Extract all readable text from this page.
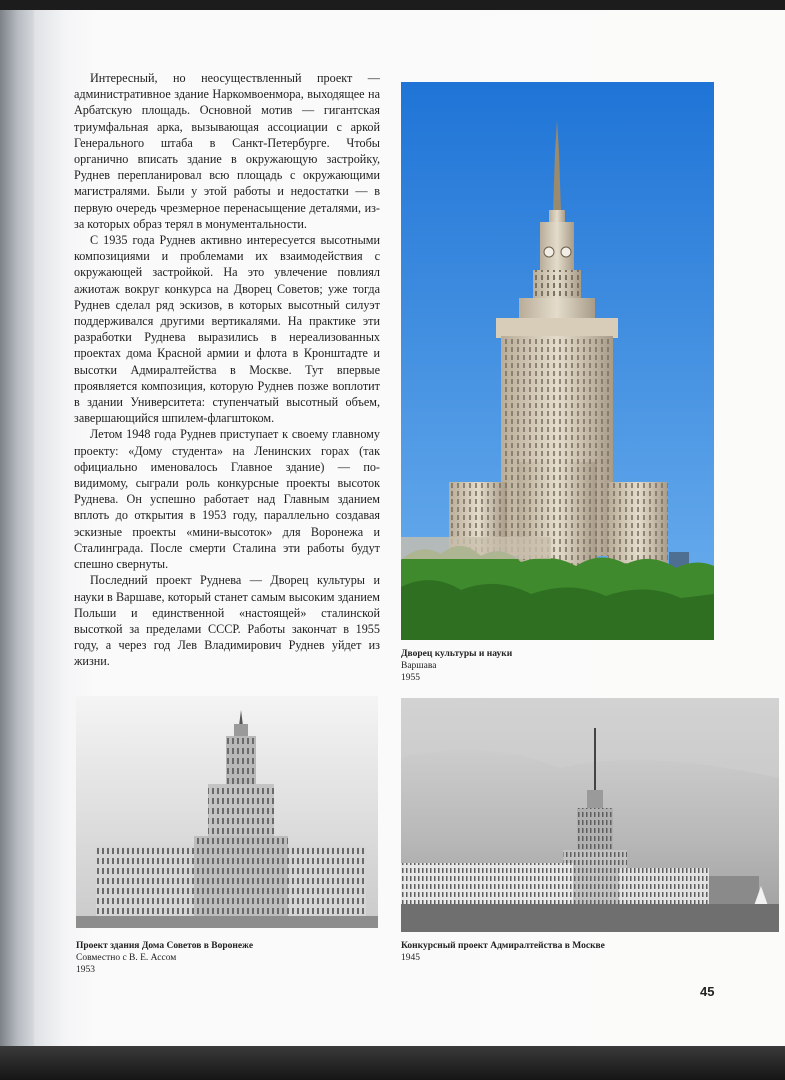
Интересный, но неосуществленный проект — административное здание Наркомвоенмора, выходящее на Арбатскую площадь. Основной мотив — гигантская триумфальная арка, вызывающая ассоциации с аркой Генерального штаба в Санкт-Петербурге. Чтобы органично вписать здание в окружающую застройку, Руднев перепланировал всю площадь с окружающими магистралями. Были у этой работы и недостатки — в первую очередь чрезмерное перенасыщение деталями, из-за которых образ терял в монументальности.

С 1935 года Руднев активно интересуется высотными композициями и проблемами их взаимодействия с окружающей застройкой. На это увлечение повлиял ажиотаж вокруг конкурса на Дворец Советов; уже тогда Руднев сделал ряд эскизов, в которых высотный силуэт поддерживался другими вертикалями. На практике эти разработки Руднева выразились в нереализованных проектах дома Красной армии и флота в Кронштадте и высотки Адмиралтейства в Москве. Тут впервые проявляется композиция, которую Руднев позже воплотит в здании Университета: ступенчатый высотный объем, завершающийся шпилем-флагштоком.

Летом 1948 года Руднев приступает к своему главному проекту: «Дому студента» на Ленинских горах (так официально именовалось Главное здание) — по-видимому, сыграли роль конкурсные проекты высоток Руднева. Он успешно работает над Главным зданием вплоть до открытия в 1953 году, параллельно создавая эскизные проекты «мини-высоток» для Воронежа и Сталинграда. После смерти Сталина эти работы будут спешно свернуты.

Последний проект Руднева — Дворец культуры и науки в Варшаве, который станет самым высоким зданием Польши и единственной «настоящей» сталинской высоткой за пределами СССР. Работы закончат в 1955 году, а через год Лев Владимирович Руднев уйдет из жизни.

Дворец культуры и науки
Варшава
1955
Проект здания Дома Советов в Воронеже
Совместно с В. Е. Ассом
1953
Конкурсный проект Адмиралтейства в Москве
1945
45
